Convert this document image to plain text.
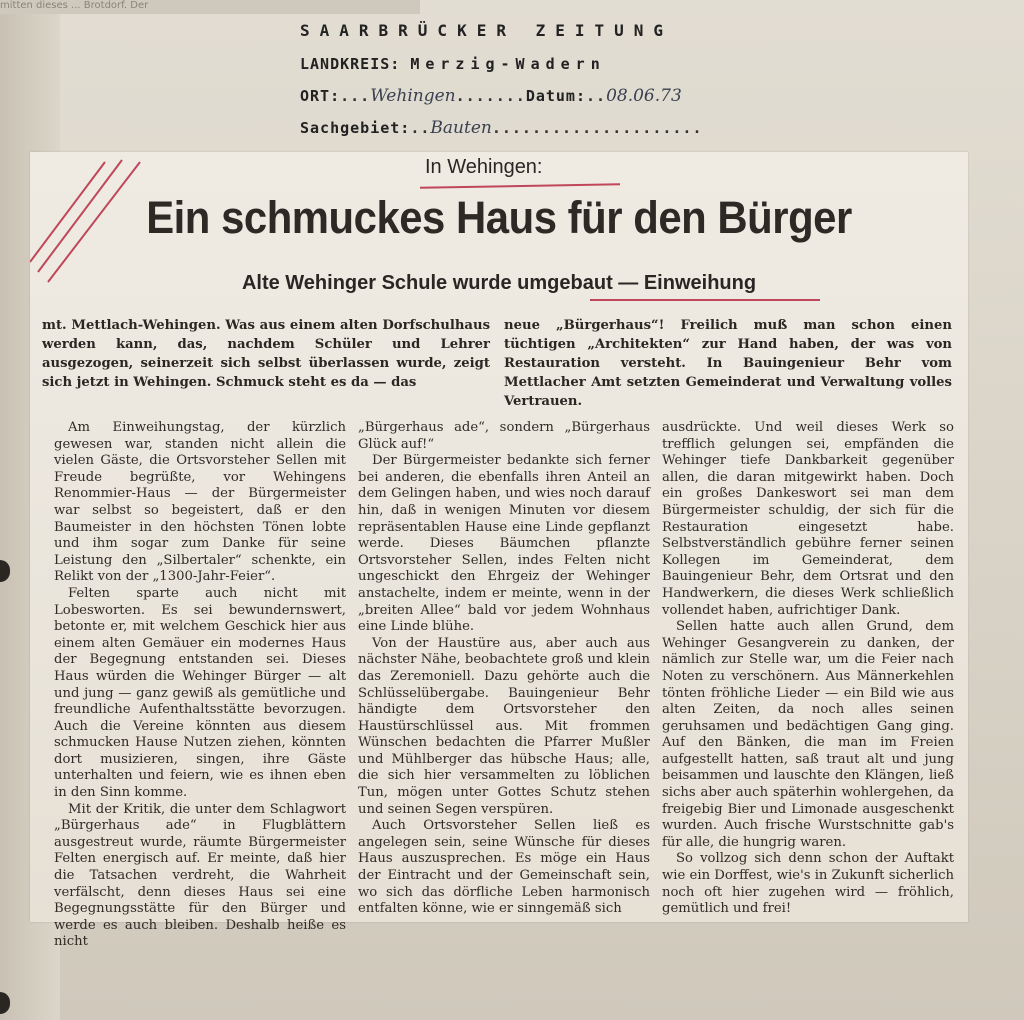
mitten dieses ... Brotdorf. Der
SAARBRÜCKER ZEITUNG
LANDKREIS: Merzig-Wadern
ORT:...Wehingen.......Datum:..08.06.73
Sachgebiet:..Bauten.....................
In Wehingen:
Ein schmuckes Haus für den Bürger
Alte Wehinger Schule wurde umgebaut — Einweihung

mt. Mettlach-Wehingen. Was aus einem alten Dorfschulhaus werden kann, das, nachdem Schüler und Lehrer ausgezogen, seinerzeit sich selbst überlassen wurde, zeigt sich jetzt in Wehingen. Schmuck steht es da — das

neue „Bürgerhaus“! Freilich muß man schon einen tüchtigen „Architekten“ zur Hand haben, der was von Restauration versteht. In Bauingenieur Behr vom Mettlacher Amt setzten Gemeinderat und Verwaltung volles Vertrauen.

Am Einweihungstag, der kürzlich gewesen war, standen nicht allein die vielen Gäste, die Ortsvorsteher Sellen mit Freude begrüßte, vor Wehingens Renommier-Haus — der Bürgermeister war selbst so begeistert, daß er den Baumeister in den höchsten Tönen lobte und ihm sogar zum Danke für seine Leistung den „Silbertaler“ schenkte, ein Relikt von der „1300-Jahr-Feier“.

Felten sparte auch nicht mit Lobesworten. Es sei bewundernswert, betonte er, mit welchem Geschick hier aus einem alten Gemäuer ein modernes Haus der Begegnung entstanden sei. Dieses Haus würden die Wehinger Bürger — alt und jung — ganz gewiß als gemütliche und freundliche Aufenthaltsstätte bevorzugen. Auch die Vereine könnten aus diesem schmucken Hause Nutzen ziehen, könnten dort musizieren, singen, ihre Gäste unterhalten und feiern, wie es ihnen eben in den Sinn komme.

Mit der Kritik, die unter dem Schlagwort „Bürgerhaus ade“ in Flugblättern ausgestreut wurde, räumte Bürgermeister Felten energisch auf. Er meinte, daß hier die Tatsachen verdreht, die Wahrheit verfälscht, denn dieses Haus sei eine Begegnungsstätte für den Bürger und werde es auch bleiben. Deshalb heiße es nicht

„Bürgerhaus ade“, sondern „Bürgerhaus Glück auf!“

Der Bürgermeister bedankte sich ferner bei anderen, die ebenfalls ihren Anteil an dem Gelingen haben, und wies noch darauf hin, daß in wenigen Minuten vor diesem repräsentablen Hause eine Linde gepflanzt werde. Dieses Bäumchen pflanzte Ortsvorsteher Sellen, indes Felten nicht ungeschickt den Ehrgeiz der Wehinger anstachelte, indem er meinte, wenn in der „breiten Allee“ bald vor jedem Wohnhaus eine Linde blühe.

Von der Haustüre aus, aber auch aus nächster Nähe, beobachtete groß und klein das Zeremoniell. Dazu gehörte auch die Schlüsselübergabe. Bauingenieur Behr händigte dem Ortsvorsteher den Haustürschlüssel aus. Mit frommen Wünschen bedachten die Pfarrer Mußler und Mühlberger das hübsche Haus; alle, die sich hier versammelten zu löblichen Tun, mögen unter Gottes Schutz stehen und seinen Segen verspüren.

Auch Ortsvorsteher Sellen ließ es angelegen sein, seine Wünsche für dieses Haus auszusprechen. Es möge ein Haus der Eintracht und der Gemeinschaft sein, wo sich das dörfliche Leben harmonisch entfalten könne, wie er sinngemäß sich

ausdrückte. Und weil dieses Werk so trefflich gelungen sei, empfänden die Wehinger tiefe Dankbarkeit gegenüber allen, die daran mitgewirkt haben. Doch ein großes Dankeswort sei man dem Bürgermeister schuldig, der sich für die Restauration eingesetzt habe. Selbstverständlich gebühre ferner seinen Kollegen im Gemeinderat, dem Bauingenieur Behr, dem Ortsrat und den Handwerkern, die dieses Werk schließlich vollendet haben, aufrichtiger Dank.

Sellen hatte auch allen Grund, dem Wehinger Gesangverein zu danken, der nämlich zur Stelle war, um die Feier nach Noten zu verschönern. Aus Männerkehlen tönten fröhliche Lieder — ein Bild wie aus alten Zeiten, da noch alles seinen geruhsamen und bedächtigen Gang ging. Auf den Bänken, die man im Freien aufgestellt hatten, saß traut alt und jung beisammen und lauschte den Klängen, ließ sichs aber auch späterhin wohlergehen, da freigebig Bier und Limonade ausgeschenkt wurden. Auch frische Wurstschnitte gab's für alle, die hungrig waren.

So vollzog sich denn schon der Auftakt wie ein Dorffest, wie's in Zukunft sicherlich noch oft hier zugehen wird — fröhlich, gemütlich und frei!
